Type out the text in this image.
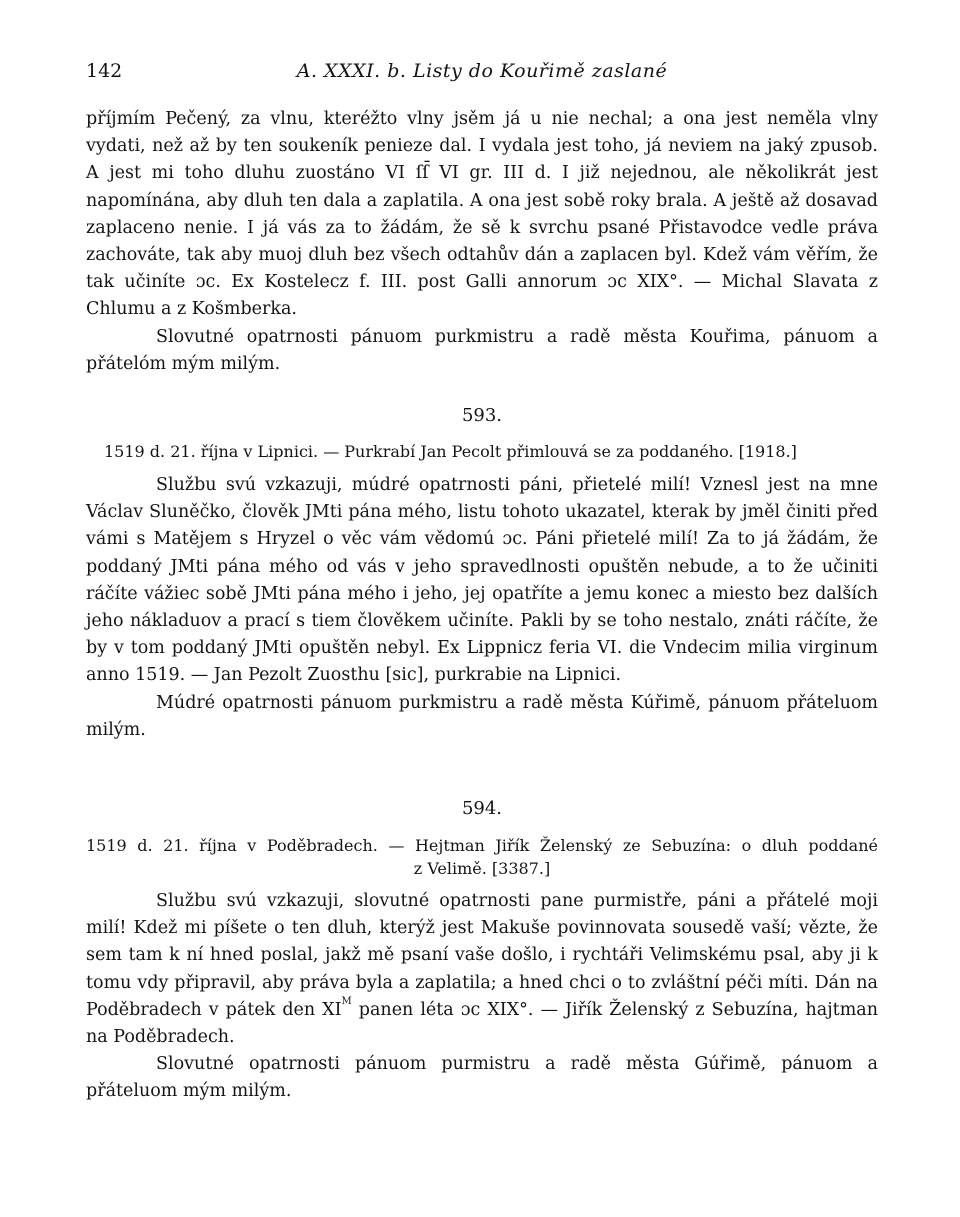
142	A. XXXI. b. Listy do Kouřimě zaslané

příjmím Pečený, za vlnu, kteréžto vlny jsěm já u nie nechal; a ona jest neměla vlny vydati, než až by ten soukeník penieze dal. I vydala jest toho, já neviem na jaký zpusob. A jest mi toho dluhu zuostáno VI ſſ̄ VI gr. III d. I již nejednou, ale několikrát jest napomínána, aby dluh ten dala a zaplatila. A ona jest sobě roky brala. A ještě až dosavad zaplaceno nenie. I já vás za to žádám, že sě k svrchu psané Přistavodce vedle práva zachováte, tak aby muoj dluh bez všech odtahův dán a zaplacen byl. Kdež vám věřím, že tak učiníte ɔc. Ex Kostelecz f. III. post Galli annorum ɔc XIX°. — Michal Slavata z Chlumu a z Košmberka.

Slovutné opatrnosti pánuom purkmistru a radě města Kouřima, pánuom a přátelóm mým milým.

593.
1519 d. 21. října v Lipnici. — Purkrabí Jan Pecolt přimlouvá se za poddaného. [1918.]

Službu svú vzkazuji, múdré opatrnosti páni, přietelé milí! Vznesl jest na mne Václav Sluněčko, člověk JMti pána mého, listu tohoto ukazatel, kterak by jměl činiti před vámi s Matějem s Hryzel o věc vám vědomú ɔc. Páni přietelé milí! Za to já žádám, že poddaný JMti pána mého od vás v jeho spravedlnosti opuštěn nebude, a to že učiniti ráčíte vážiec sobě JMti pána mého i jeho, jej opatříte a jemu konec a miesto bez dalších jeho nákladuov a prací s tiem člověkem učiníte. Pakli by se toho nestalo, znáti ráčíte, že by v tom poddaný JMti opuštěn nebyl. Ex Lippnicz feria VI. die Vndecim milia virginum anno 1519. — Jan Pezolt Zuosthu [sic], purkrabie na Lipnici.

Múdré opatrnosti pánuom purkmistru a radě města Kúřimě, pánuom přáteluom milým.

594.
1519 d. 21. října v Poděbradech. — Hejtman Jiřík Želenský ze Sebuzína: o dluh poddané
z Velimě. [3387.]

Službu svú vzkazuji, slovutné opatrnosti pane purmistře, páni a přátelé moji milí! Kdež mi píšete o ten dluh, kterýž jest Makuše povinnovata sousedě vaší; vězte, že sem tam k ní hned poslal, jakž mě psaní vaše došlo, i rychtáři Velimskému psal, aby ji k tomu vdy připravil, aby práva byla a zaplatila; a hned chci o to zvláštní péči míti. Dán na Poděbradech v pátek den $XI^M$ panen léta ɔc XIX°. — Jiřík Želenský z Sebuzína, hajtman na Poděbradech.

Slovutné opatrnosti pánuom purmistru a radě města Gúřimě, pánuom a přáteluom mým milým.
